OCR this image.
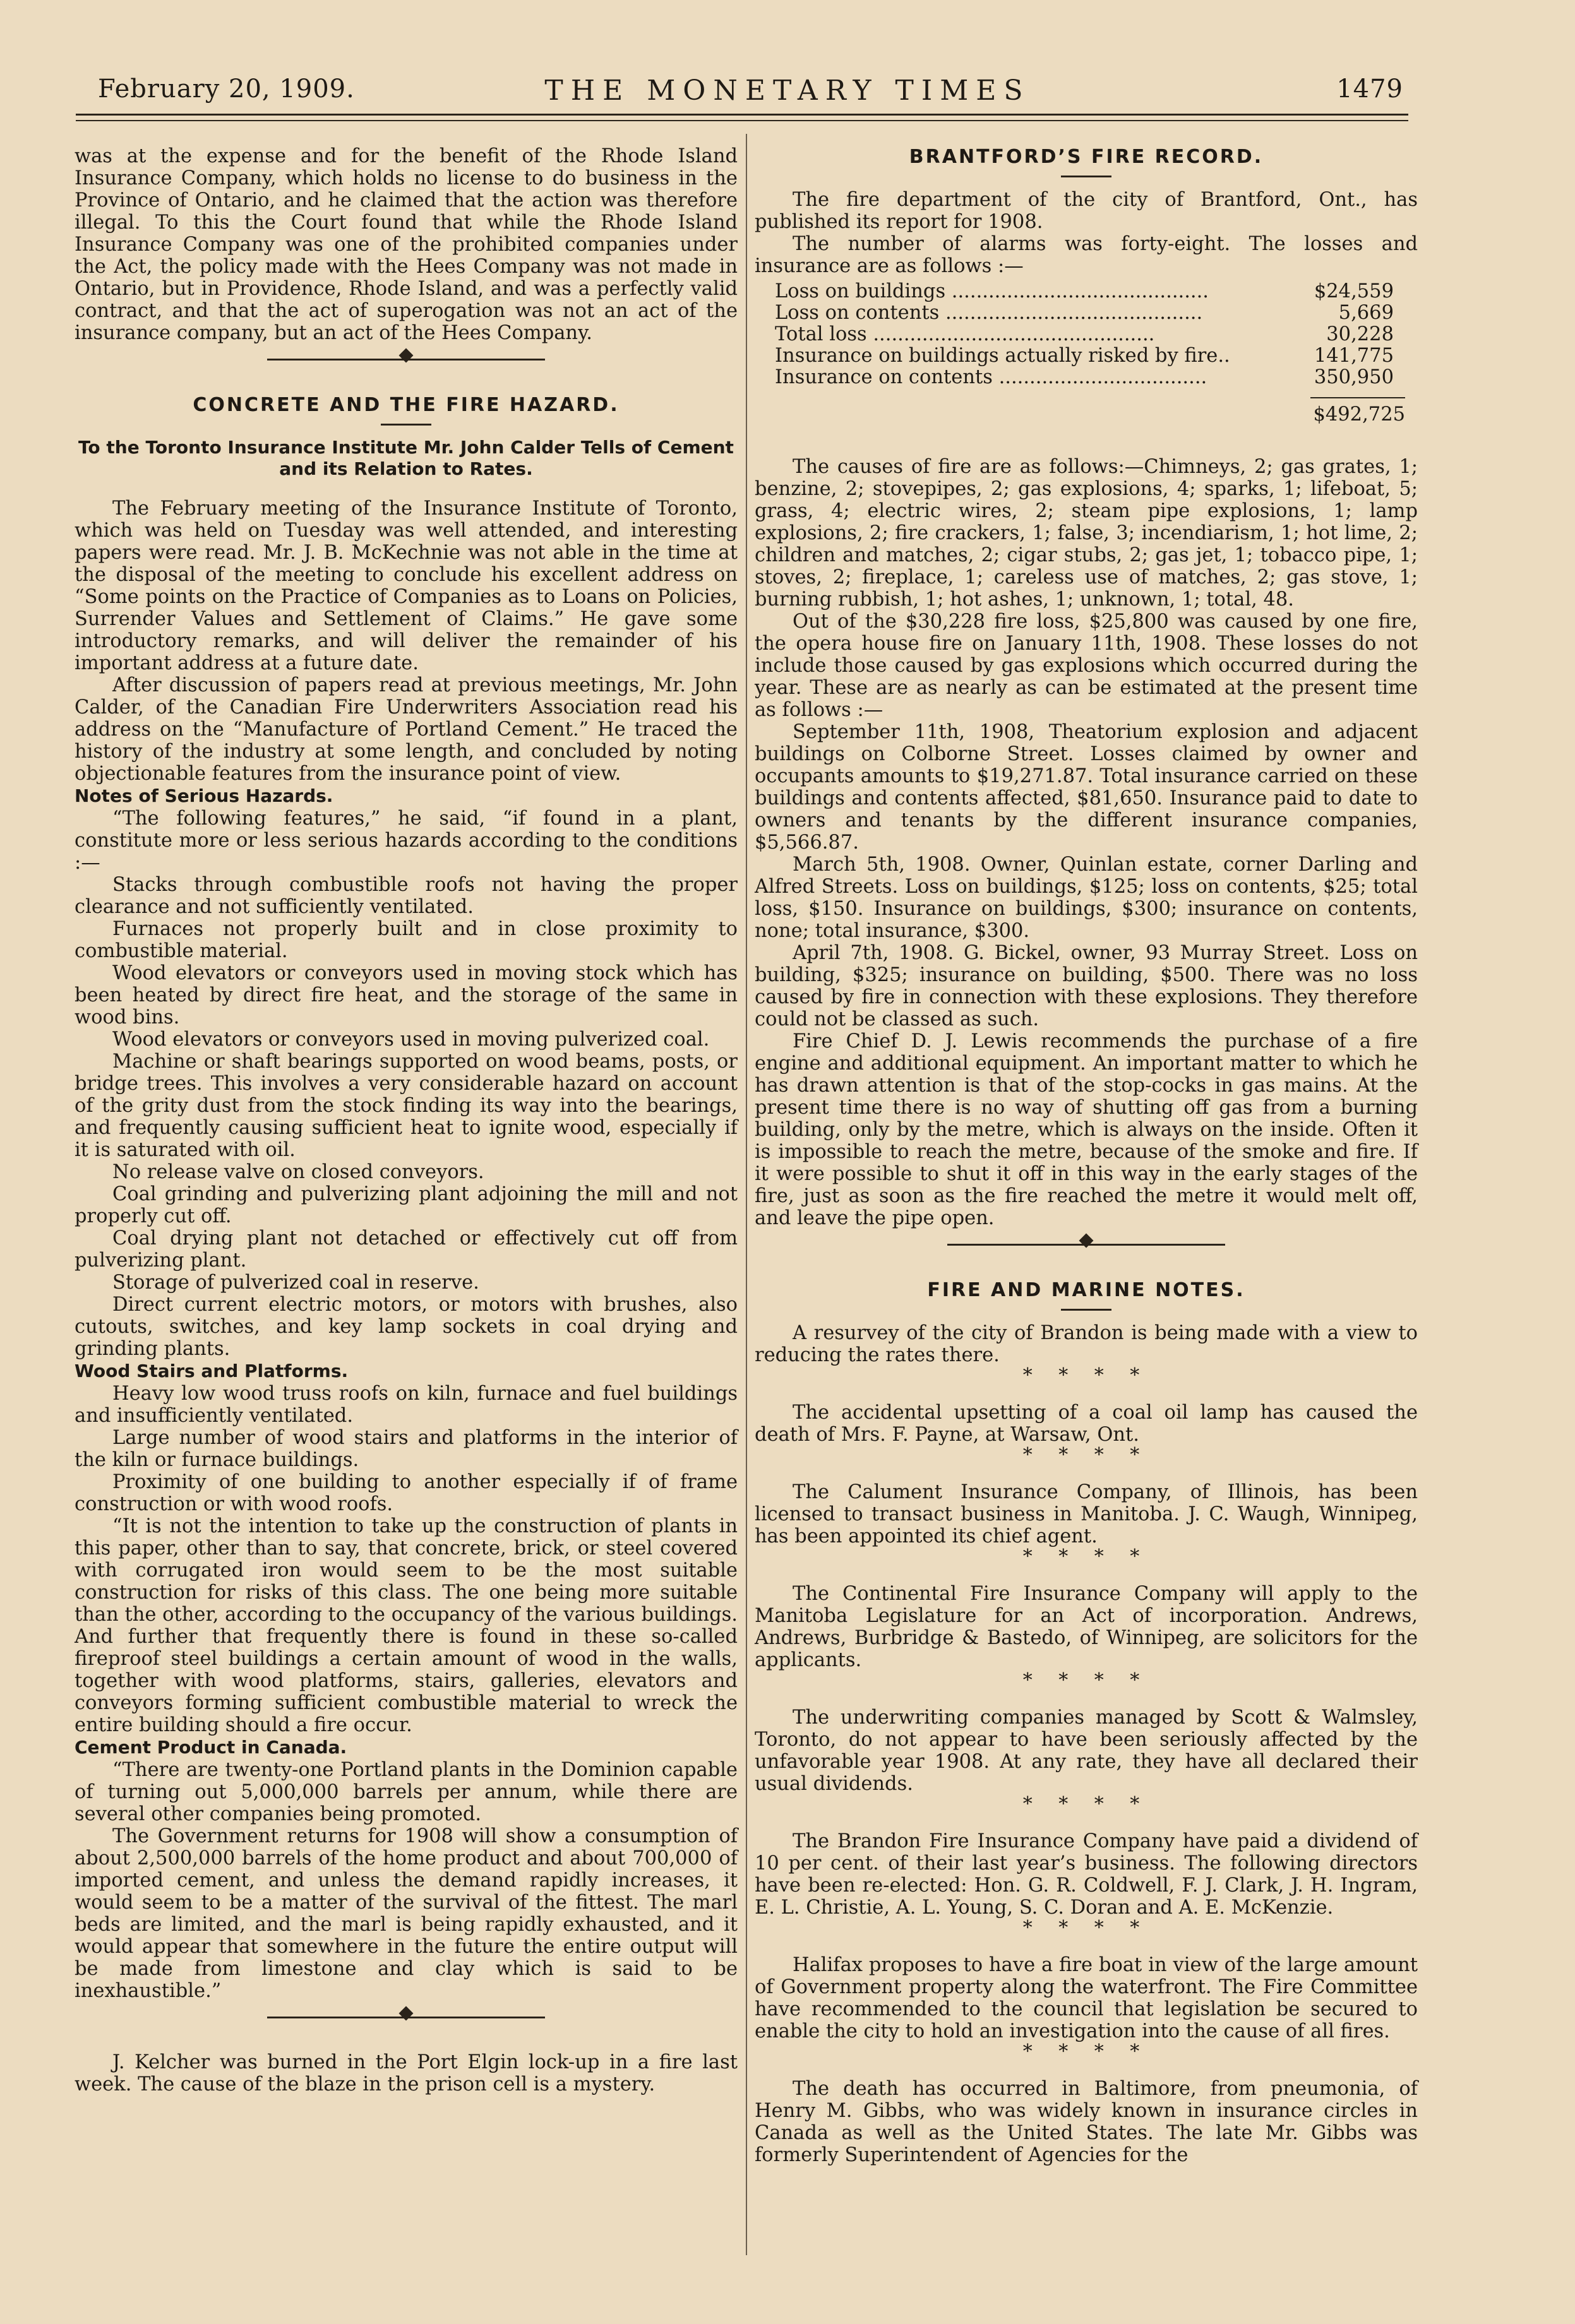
February 20, 1909.	THE MONETARY TIMES	1479

was at the expense and for the benefit of the Rhode Island Insurance Company, which holds no license to do business in the Province of Ontario, and he claimed that the action was therefore illegal. To this the Court found that while the Rhode Island Insurance Company was one of the prohibited companies under the Act, the policy made with the Hees Company was not made in Ontario, but in Providence, Rhode Island, and was a perfectly valid contract, and that the act of superogation was not an act of the insurance company, but an act of the Hees Company.

CONCRETE AND THE FIRE HAZARD.
To the Toronto Insurance Institute Mr. John Calder Tells of Cement and its Relation to Rates.

The February meeting of the Insurance Institute of Toronto, which was held on Tuesday was well attended, and interesting papers were read. Mr. J. B. McKechnie was not able in the time at the disposal of the meeting to conclude his excellent address on “Some points on the Practice of Companies as to Loans on Policies, Surrender Values and Settlement of Claims.” He gave some introductory remarks, and will deliver the remainder of his important address at a future date.

After discussion of papers read at previous meetings, Mr. John Calder, of the Canadian Fire Underwriters Association read his address on the “Manufacture of Portland Cement.” He traced the history of the industry at some length, and concluded by noting objectionable features from the insurance point of view.

Notes of Serious Hazards.

“The following features,” he said, “if found in a plant, constitute more or less serious hazards according to the conditions :—

Stacks through combustible roofs not having the proper clearance and not sufficiently ventilated.

Furnaces not properly built and in close proximity to combustible material.

Wood elevators or conveyors used in moving stock which has been heated by direct fire heat, and the storage of the same in wood bins.

Wood elevators or conveyors used in moving pulverized coal.

Machine or shaft bearings supported on wood beams, posts, or bridge trees. This involves a very considerable hazard on account of the grity dust from the stock finding its way into the bearings, and frequently causing sufficient heat to ignite wood, especially if it is saturated with oil.

No release valve on closed conveyors.

Coal grinding and pulverizing plant adjoining the mill and not properly cut off.

Coal drying plant not detached or effectively cut off from pulverizing plant.

Storage of pulverized coal in reserve.

Direct current electric motors, or motors with brushes, also cutouts, switches, and key lamp sockets in coal drying and grinding plants.

Wood Stairs and Platforms.

Heavy low wood truss roofs on kiln, furnace and fuel buildings and insufficiently ventilated.

Large number of wood stairs and platforms in the interior of the kiln or furnace buildings.

Proximity of one building to another especially if of frame construction or with wood roofs.

“It is not the intention to take up the construction of plants in this paper, other than to say, that concrete, brick, or steel covered with corrugated iron would seem to be the most suitable construction for risks of this class. The one being more suitable than the other, according to the occupancy of the various buildings. And further that frequently there is found in these so-called fireproof steel buildings a certain amount of wood in the walls, together with wood platforms, stairs, galleries, elevators and conveyors forming sufficient combustible material to wreck the entire building should a fire occur.

Cement Product in Canada.

“There are twenty-one Portland plants in the Dominion capable of turning out 5,000,000 barrels per annum, while there are several other companies being promoted.

The Government returns for 1908 will show a consumption of about 2,500,000 barrels of the home product and about 700,000 of imported cement, and unless the demand rapidly increases, it would seem to be a matter of the survival of the fittest. The marl beds are limited, and the marl is being rapidly exhausted, and it would appear that somewhere in the future the entire output will be made from limestone and clay which is said to be inexhaustible.”

J. Kelcher was burned in the Port Elgin lock-up in a fire last week. The cause of the blaze in the prison cell is a mystery.

BRANTFORD’S FIRE RECORD.

The fire department of the city of Brantford, Ont., has published its report for 1908.

The number of alarms was forty-eight. The losses and insurance are as follows :—

Loss on buildings ..........................................	$24,559
Loss on contents ..........................................	5,669
Total loss ..............................................	30,228
Insurance on buildings actually risked by fire..	141,775
Insurance on contents ..................................	350,950
$492,725

The causes of fire are as follows:—Chimneys, 2; gas grates, 1; benzine, 2; stovepipes, 2; gas explosions, 4; sparks, 1; lifeboat, 5; grass, 4; electric wires, 2; steam pipe explosions, 1; lamp explosions, 2; fire crackers, 1; false, 3; incendiarism, 1; hot lime, 2; children and matches, 2; cigar stubs, 2; gas jet, 1; tobacco pipe, 1; stoves, 2; fireplace, 1; careless use of matches, 2; gas stove, 1; burning rubbish, 1; hot ashes, 1; unknown, 1; total, 48.

Out of the $30,228 fire loss, $25,800 was caused by one fire, the opera house fire on January 11th, 1908. These losses do not include those caused by gas explosions which occurred during the year. These are as nearly as can be estimated at the present time as follows :—

September 11th, 1908, Theatorium explosion and adjacent buildings on Colborne Street. Losses claimed by owner and occupants amounts to $19,271.87. Total insurance carried on these buildings and contents affected, $81,650. Insurance paid to date to owners and tenants by the different insurance companies, $5,566.87.

March 5th, 1908. Owner, Quinlan estate, corner Darling and Alfred Streets. Loss on buildings, $125; loss on contents, $25; total loss, $150. Insurance on buildings, $300; insurance on contents, none; total insurance, $300.

April 7th, 1908. G. Bickel, owner, 93 Murray Street. Loss on building, $325; insurance on building, $500. There was no loss caused by fire in connection with these explosions. They therefore could not be classed as such.

Fire Chief D. J. Lewis recommends the purchase of a fire engine and additional equipment. An important matter to which he has drawn attention is that of the stop-cocks in gas mains. At the present time there is no way of shutting off gas from a burning building, only by the metre, which is always on the inside. Often it is impossible to reach the metre, because of the smoke and fire. If it were possible to shut it off in this way in the early stages of the fire, just as soon as the fire reached the metre it would melt off, and leave the pipe open.

FIRE AND MARINE NOTES.

A resurvey of the city of Brandon is being made with a view to reducing the rates there.

* * * *

The accidental upsetting of a coal oil lamp has caused the death of Mrs. F. Payne, at Warsaw, Ont.

* * * *

The Calument Insurance Company, of Illinois, has been licensed to transact business in Manitoba. J. C. Waugh, Winnipeg, has been appointed its chief agent.

* * * *

The Continental Fire Insurance Company will apply to the Manitoba Legislature for an Act of incorporation. Andrews, Andrews, Burbridge & Bastedo, of Winnipeg, are solicitors for the applicants.

* * * *

The underwriting companies managed by Scott & Walmsley, Toronto, do not appear to have been seriously affected by the unfavorable year 1908. At any rate, they have all declared their usual dividends.

* * * *

The Brandon Fire Insurance Company have paid a dividend of 10 per cent. of their last year’s business. The following directors have been re-elected: Hon. G. R. Coldwell, F. J. Clark, J. H. Ingram, E. L. Christie, A. L. Young, S. C. Doran and A. E. McKenzie.

* * * *

Halifax proposes to have a fire boat in view of the large amount of Government property along the waterfront. The Fire Committee have recommended to the council that legislation be secured to enable the city to hold an investigation into the cause of all fires.

* * * *

The death has occurred in Baltimore, from pneumonia, of Henry M. Gibbs, who was widely known in insurance circles in Canada as well as the United States. The late Mr. Gibbs was formerly Superintendent of Agencies for the
